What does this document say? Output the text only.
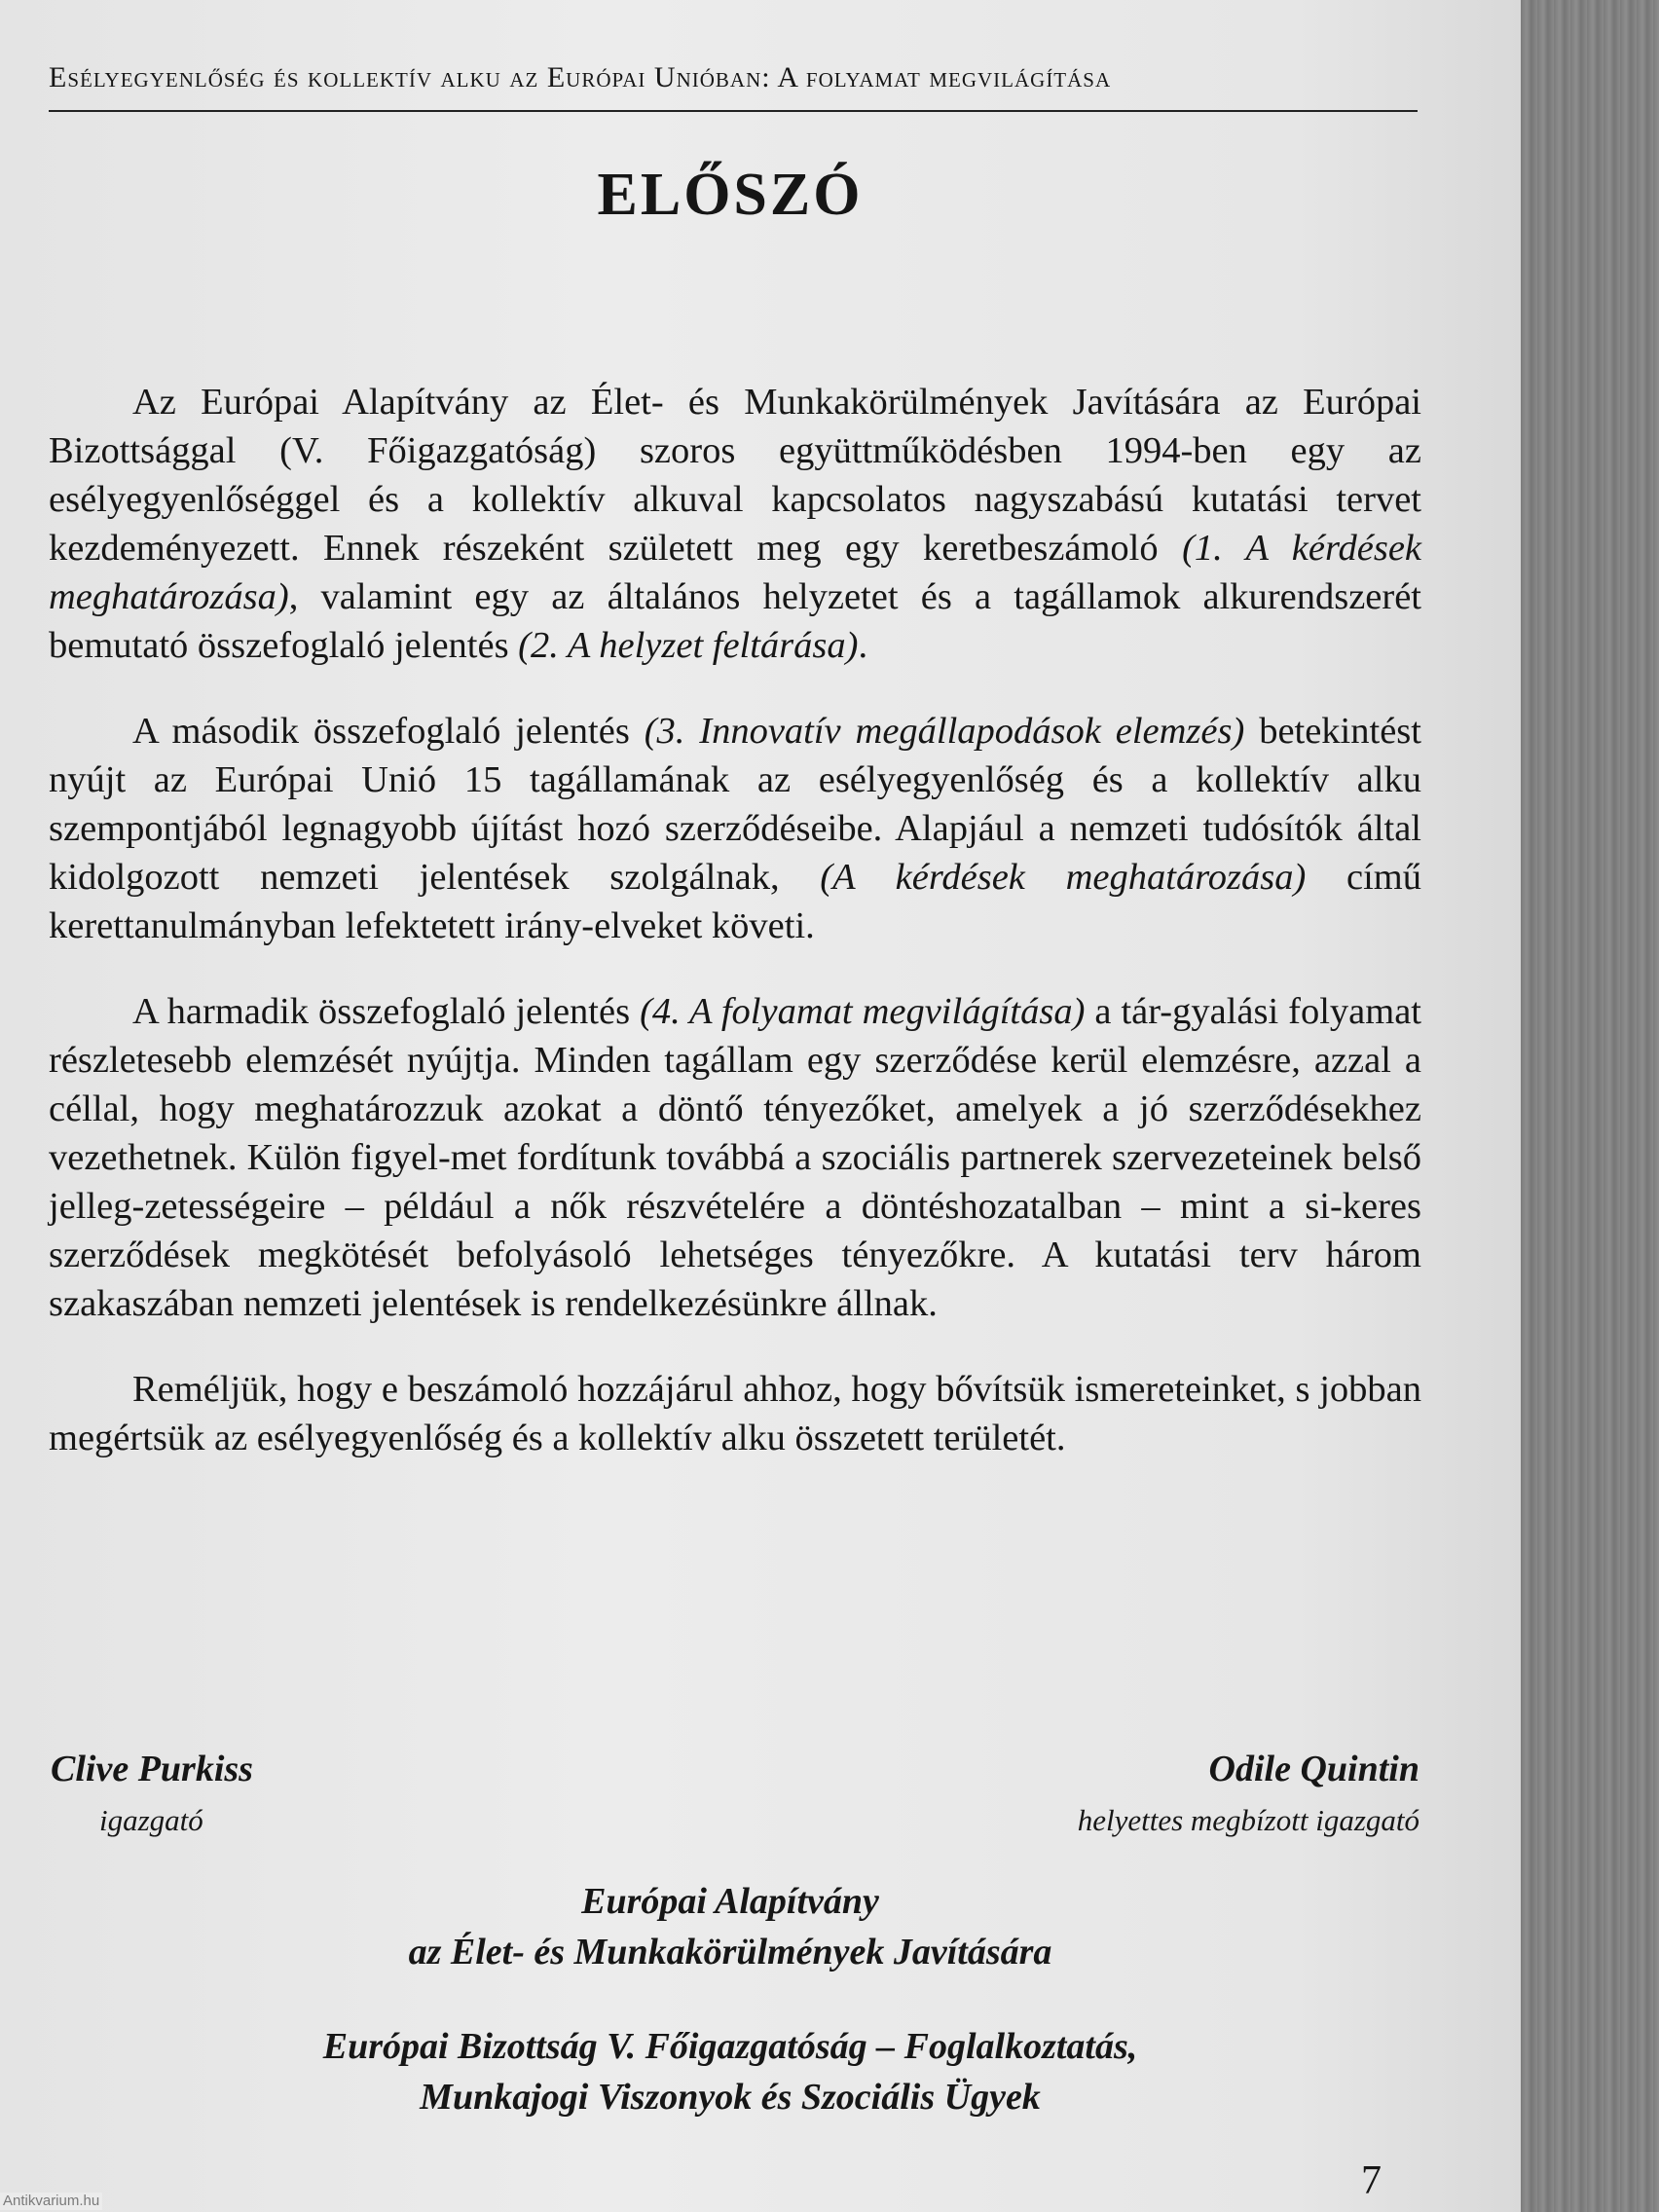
Esélyegyenlőség és kollektív alku az Európai Unióban: A folyamat megvilágítása
ELŐSZÓ

Az Európai Alapítvány az Élet- és Munkakörülmények Javítására az Európai Bizottsággal (V. Főigazgatóság) szoros együttműködésben 1994-ben egy az esélyegyenlőséggel és a kollektív alkuval kapcsolatos nagyszabású kutatási tervet kezdeményezett. Ennek részeként született meg egy keretbeszámoló (1. A kérdések meghatározása), valamint egy az általános helyzetet és a tagállamok alkurendszerét bemutató összefoglaló jelentés (2. A helyzet feltárása).

A második összefoglaló jelentés (3. Innovatív megállapodások elemzés) betekintést nyújt az Európai Unió 15 tagállamának az esélyegyenlőség és a kollektív alku szempontjából legnagyobb újítást hozó szerződéseibe. Alapjául a nemzeti tudósítók által kidolgozott nemzeti jelentések szolgálnak, (A kérdések meghatározása) című kerettanulmányban lefektetett irány-elveket követi.

A harmadik összefoglaló jelentés (4. A folyamat megvilágítása) a tár-gyalási folyamat részletesebb elemzését nyújtja. Minden tagállam egy szerződése kerül elemzésre, azzal a céllal, hogy meghatározzuk azokat a döntő tényezőket, amelyek a jó szerződésekhez vezethetnek. Külön figyel-met fordítunk továbbá a szociális partnerek szervezeteinek belső jelleg-zetességeire – például a nők részvételére a döntéshozatalban – mint a si-keres szerződések megkötését befolyásoló lehetséges tényezőkre. A kutatási terv három szakaszában nemzeti jelentések is rendelkezésünkre állnak.

Reméljük, hogy e beszámoló hozzájárul ahhoz, hogy bővítsük ismereteinket, s jobban megértsük az esélyegyenlőség és a kollektív alku összetett területét.

Clive Purkiss
igazgató
Odile Quintin
helyettes megbízott igazgató
Európai Alapítvány
az Élet- és Munkakörülmények Javítására
Európai Bizottság V. Főigazgatóság – Foglalkoztatás,
Munkajogi Viszonyok és Szociális Ügyek
7
Antikvarium.hu
